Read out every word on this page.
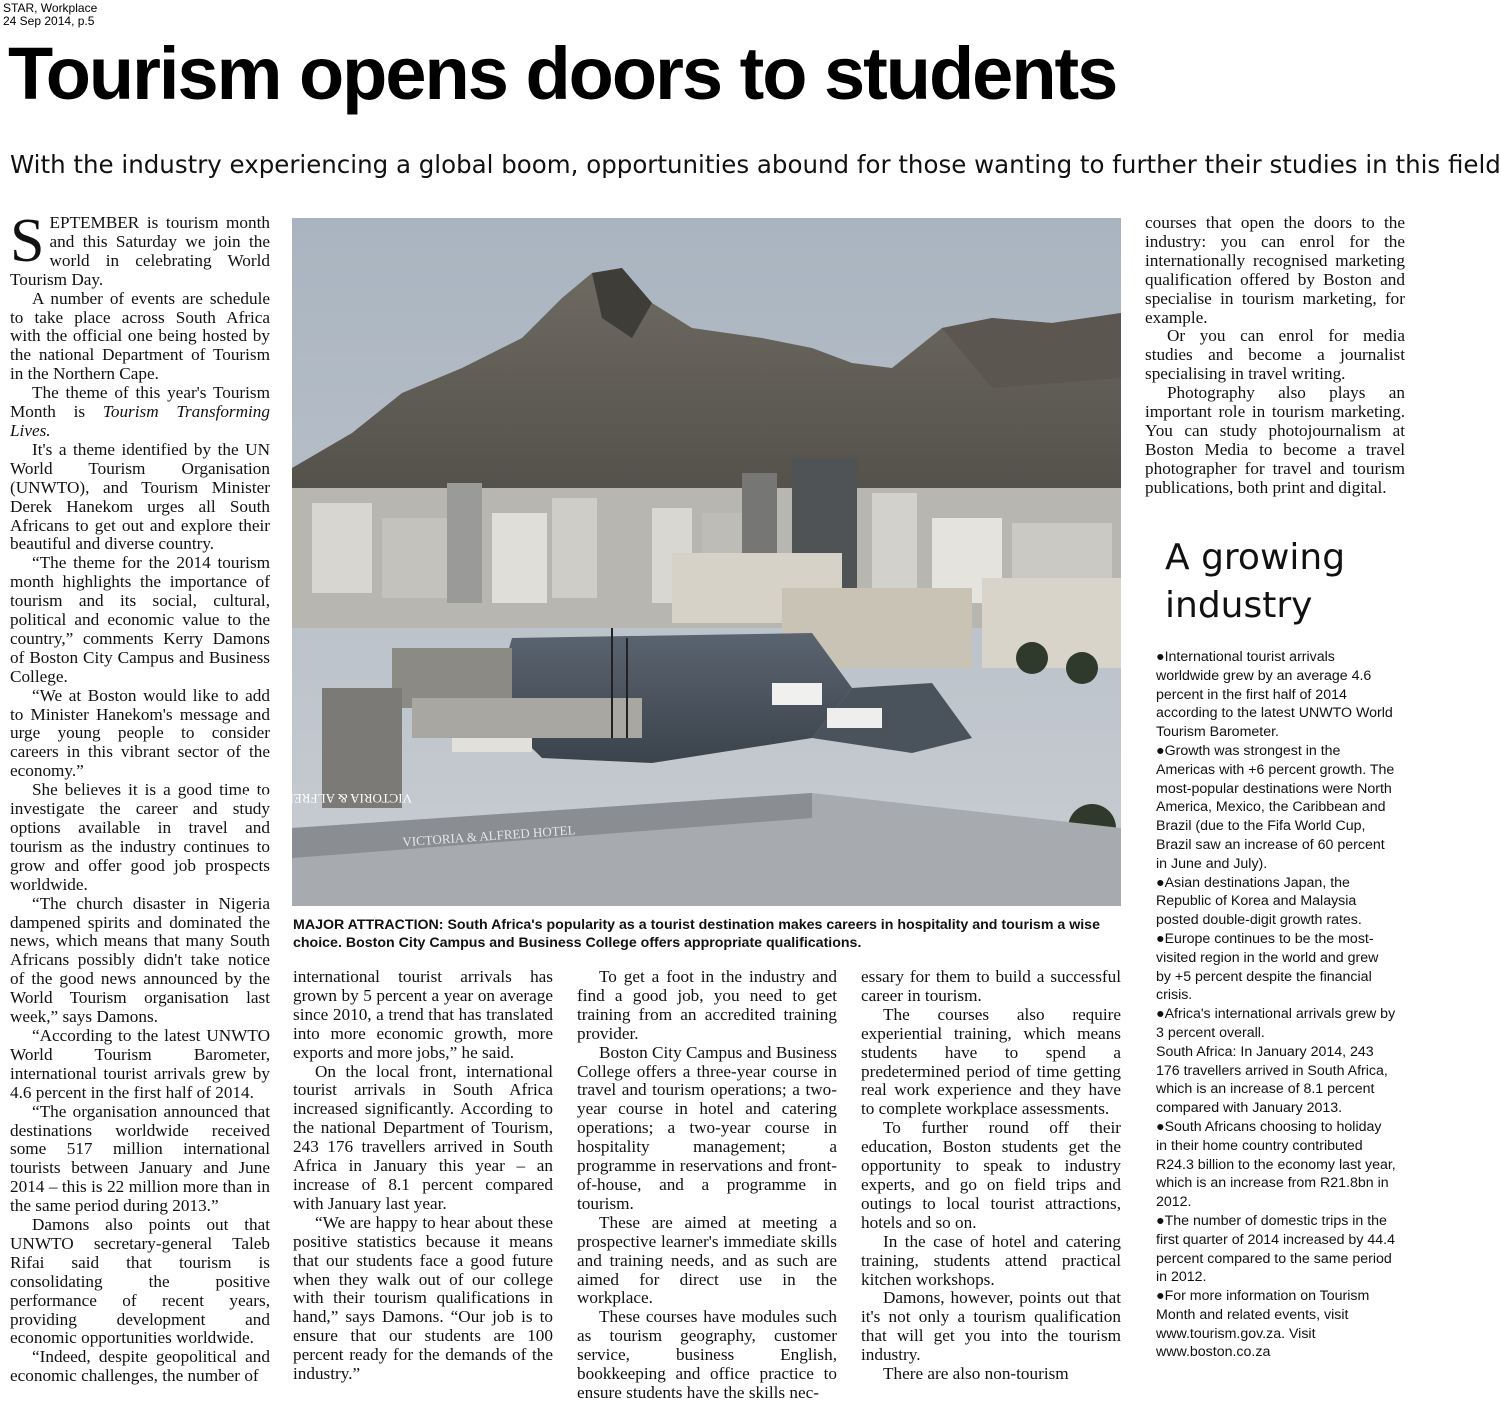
STAR, Workplace
24 Sep 2014, p.5
Tourism opens doors to students
With the industry experiencing a global boom, opportunities abound for those wanting to further their studies in this field

SEPTEMBER is tourism month and this Saturday we join the world in celebrating World Tourism Day.

A number of events are schedule to take place across South Africa with the official one being hosted by the national Department of Tourism in the Northern Cape.

The theme of this year's Tourism Month is Tourism Transforming Lives.

It's a theme identified by the UN World Tourism Organisation (UNWTO), and Tourism Minister Derek Hanekom urges all South Africans to get out and explore their beautiful and diverse country.

“The theme for the 2014 tourism month highlights the importance of tourism and its social, cultural, political and economic value to the country,” comments Kerry Damons of Boston City Campus and Business College.

“We at Boston would like to add to Minister Hanekom's message and urge young people to consider careers in this vibrant sector of the economy.”

She believes it is a good time to investigate the career and study options available in travel and tourism as the industry continues to grow and offer good job prospects worldwide.

“The church disaster in Nigeria dampened spirits and dominated the news, which means that many South Africans possibly didn't take notice of the good news announced by the World Tourism organisation last week,” says Damons.

“According to the latest UNWTO World Tourism Barometer, international tourist arrivals grew by 4.6 percent in the first half of 2014.

“The organisation announced that destinations worldwide received some 517 million international tourists between January and June 2014 – this is 22 million more than in the same period during 2013.”

Damons also points out that UNWTO secretary-general Taleb Rifai said that tourism is consolidating the positive performance of recent years, providing development and economic opportunities worldwide.

“Indeed, despite geopolitical and economic challenges, the number of

VICTORIA & ALFRED HOTEL
VICTORIA & ALFRED HOTEL
MAJOR ATTRACTION: South Africa's popularity as a tourist destination makes careers in hospitality and tourism a wise choice. Boston City Campus and Business College offers appropriate qualifications.

international tourist arrivals has grown by 5 percent a year on average since 2010, a trend that has translated into more economic growth, more exports and more jobs,” he said.

On the local front, international tourist arrivals in South Africa increased significantly. According to the national Department of Tourism, 243 176 travellers arrived in South Africa in January this year – an increase of 8.1 percent compared with January last year.

“We are happy to hear about these positive statistics because it means that our students face a good future when they walk out of our college with their tourism qualifications in hand,” says Damons. “Our job is to ensure that our students are 100 percent ready for the demands of the industry.”

To get a foot in the industry and find a good job, you need to get training from an accredited training provider.

Boston City Campus and Business College offers a three-year course in travel and tourism operations; a two-year course in hotel and catering operations; a two-year course in hospitality management; a programme in reservations and front-of-house, and a programme in tourism.

These are aimed at meeting a prospective learner's immediate skills and training needs, and as such are aimed for direct use in the workplace.

These courses have modules such as tourism geography, customer service, business English, bookkeeping and office practice to ensure students have the skills nec-

essary for them to build a successful career in tourism.

The courses also require experiential training, which means students have to spend a predetermined period of time getting real work experience and they have to complete workplace assessments.

To further round off their education, Boston students get the opportunity to speak to industry experts, and go on field trips and outings to local tourist attractions, hotels and so on.

In the case of hotel and catering training, students attend practical kitchen workshops.

Damons, however, points out that it's not only a tourism qualification that will get you into the tourism industry.

There are also non-tourism

courses that open the doors to the industry: you can enrol for the internationally recognised marketing qualification offered by Boston and specialise in tourism marketing, for example.

Or you can enrol for media studies and become a journalist specialising in travel writing.

Photography also plays an important role in tourism marketing. You can study photojournalism at Boston Media to become a travel photographer for travel and tourism publications, both print and digital.

A growing
industry
●International tourist arrivals worldwide grew by an average 4.6 percent in the first half of 2014 according to the latest UNWTO World Tourism Barometer.
●Growth was strongest in the Americas with +6 percent growth. The most-popular destinations were North America, Mexico, the Caribbean and Brazil (due to the Fifa World Cup, Brazil saw an increase of 60 percent in June and July).
●Asian destinations Japan, the Republic of Korea and Malaysia posted double-digit growth rates.
●Europe continues to be the most-visited region in the world and grew by +5 percent despite the financial crisis.
●Africa's international arrivals grew by 3 percent overall.
South Africa: In January 2014, 243 176 travellers arrived in South Africa, which is an increase of 8.1 percent compared with January 2013.
●South Africans choosing to holiday in their home country contributed R24.3 billion to the economy last year, which is an increase from R21.8bn in 2012.
●The number of domestic trips in the first quarter of 2014 increased by 44.4 percent compared to the same period in 2012.
●For more information on Tourism Month and related events, visit www.tourism.gov.za. Visit www.boston.co.za
